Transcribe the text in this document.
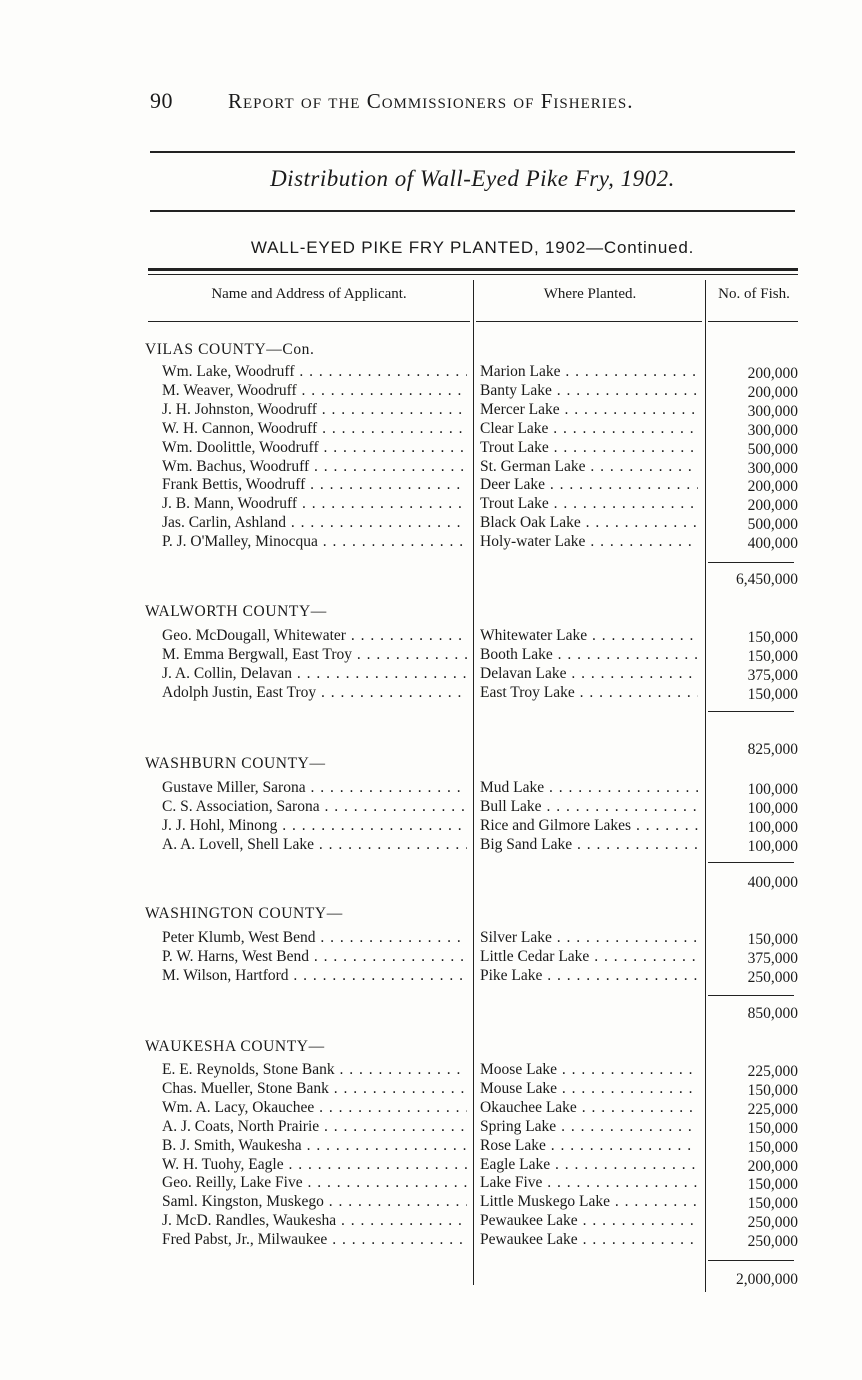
90	Report of the Commissioners of Fisheries.
Distribution of Wall-Eyed Pike Fry, 1902.
WALL-EYED PIKE FRY PLANTED, 1902—Continued.
Name and Address of Applicant.	Where Planted.	No. of Fish.
VILAS COUNTY—Con.
Wm. Lake, Woodruff . . .	Marion Lake . . .	200,000
M. Weaver, Woodruff . . .	Banty Lake . . .	200,000
J. H. Johnston, Woodruff . . .	Mercer Lake . . .	300,000
W. H. Cannon, Woodruff . . .	Clear Lake . . .	300,000
Wm. Doolittle, Woodruff . . .	Trout Lake . . .	500,000
Wm. Bachus, Woodruff . . .	St. German Lake . . .	300,000
Frank Bettis, Woodruff . . .	Deer Lake . . .	200,000
J. B. Mann, Woodruff . . .	Trout Lake . . .	200,000
Jas. Carlin, Ashland . . .	Black Oak Lake . . .	500,000
P. J. O'Malley, Minocqua . . .	Holy-water Lake . . .	400,000
6,450,000
WALWORTH COUNTY—
Geo. McDougall, Whitewater . . .	Whitewater Lake . . .	150,000
M. Emma Bergwall, East Troy . . .	Booth Lake . . .	150,000
J. A. Collin, Delavan . . .	Delavan Lake . . .	375,000
Adolph Justin, East Troy . . .	East Troy Lake . . .	150,000
825,000
WASHBURN COUNTY—
Gustave Miller, Sarona . . .	Mud Lake . . .	100,000
C. S. Association, Sarona . . .	Bull Lake . . .	100,000
J. J. Hohl, Minong . . .	Rice and Gilmore Lakes . . .	100,000
A. A. Lovell, Shell Lake . . .	Big Sand Lake . . .	100,000
400,000
WASHINGTON COUNTY—
Peter Klumb, West Bend . . .	Silver Lake . . .	150,000
P. W. Harns, West Bend . . .	Little Cedar Lake . . .	375,000
M. Wilson, Hartford . . .	Pike Lake . . .	250,000
850,000
WAUKESHA COUNTY—
E. E. Reynolds, Stone Bank . . .	Moose Lake . . .	225,000
Chas. Mueller, Stone Bank . . .	Mouse Lake . . .	150,000
Wm. A. Lacy, Okauchee . . .	Okauchee Lake . . .	225,000
A. J. Coats, North Prairie . . .	Spring Lake . . .	150,000
B. J. Smith, Waukesha . . .	Rose Lake . . .	150,000
W. H. Tuohy, Eagle . . .	Eagle Lake . . .	200,000
Geo. Reilly, Lake Five . . .	Lake Five . . .	150,000
Saml. Kingston, Muskego . . .	Little Muskego Lake . . .	150,000
J. McD. Randles, Waukesha . . .	Pewaukee Lake . . .	250,000
Fred Pabst, Jr., Milwaukee . . .	Pewaukee Lake . . .	250,000
2,000,000
